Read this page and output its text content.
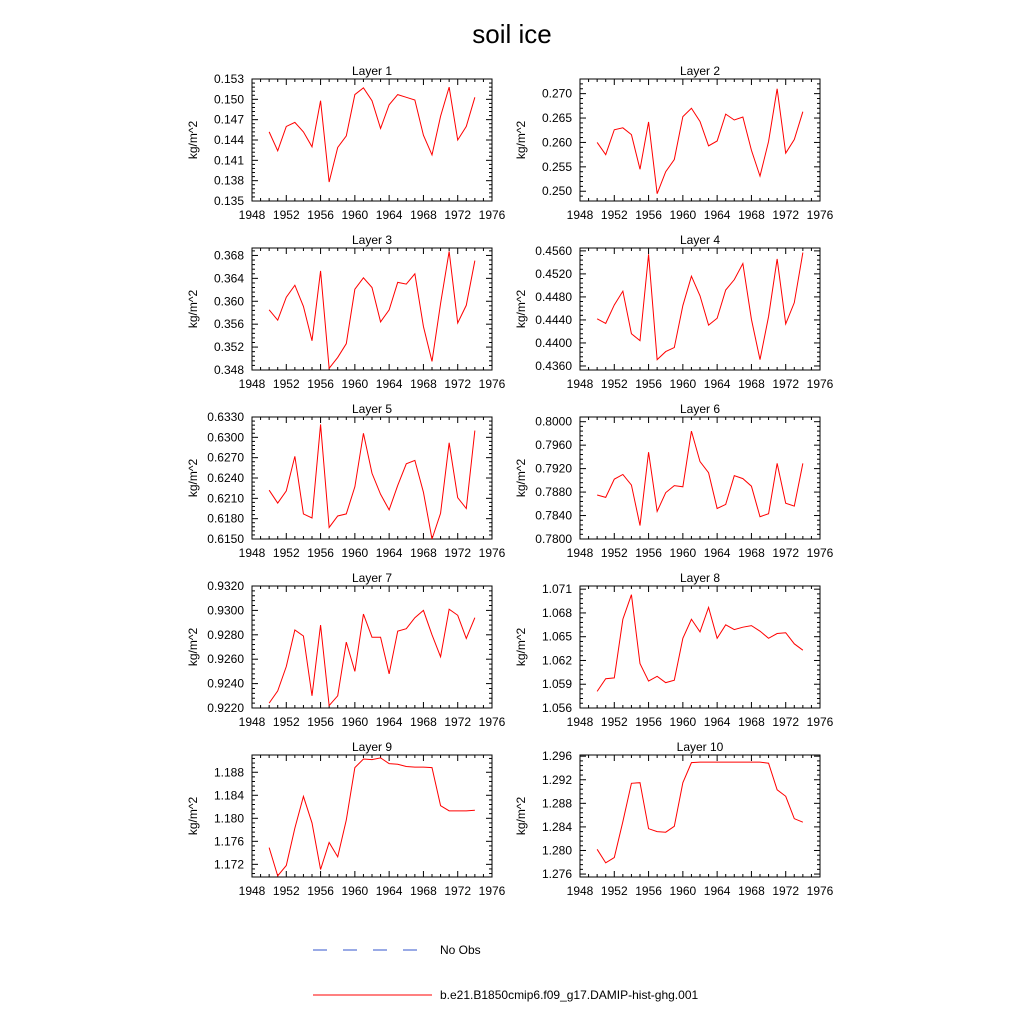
soil ice
Layer 1
kg/m^2
1948 1952 1956 1960 1964 1968 1972 1976
0.135
0.138
0.141
0.144
0.147
0.150
0.153
Layer 2
kg/m^2
1948 1952 1956 1960 1964 1968 1972 1976
0.250
0.255
0.260
0.265
0.270
Layer 3
kg/m^2
1948 1952 1956 1960 1964 1968 1972 1976
0.348
0.352
0.356
0.360
0.364
0.368
Layer 4
kg/m^2
1948 1952 1956 1960 1964 1968 1972 1976
0.4360
0.4400
0.4440
0.4480
0.4520
0.4560
Layer 5
kg/m^2
1948 1952 1956 1960 1964 1968 1972 1976
0.6150
0.6180
0.6210
0.6240
0.6270
0.6300
0.6330
Layer 6
kg/m^2
1948 1952 1956 1960 1964 1968 1972 1976
0.7800
0.7840
0.7880
0.7920
0.7960
0.8000
Layer 7
kg/m^2
1948 1952 1956 1960 1964 1968 1972 1976
0.9220
0.9240
0.9260
0.9280
0.9300
0.9320
Layer 8
kg/m^2
1948 1952 1956 1960 1964 1968 1972 1976
1.056
1.059
1.062
1.065
1.068
1.071
Layer 9
kg/m^2
1948 1952 1956 1960 1964 1968 1972 1976
1.172
1.176
1.180
1.184
1.188
Layer 10
kg/m^2
1948 1952 1956 1960 1964 1968 1972 1976
1.276
1.280
1.284
1.288
1.292
1.296
No Obs
b.e21.B1850cmip6.f09_g17.DAMIP-hist-ghg.001
